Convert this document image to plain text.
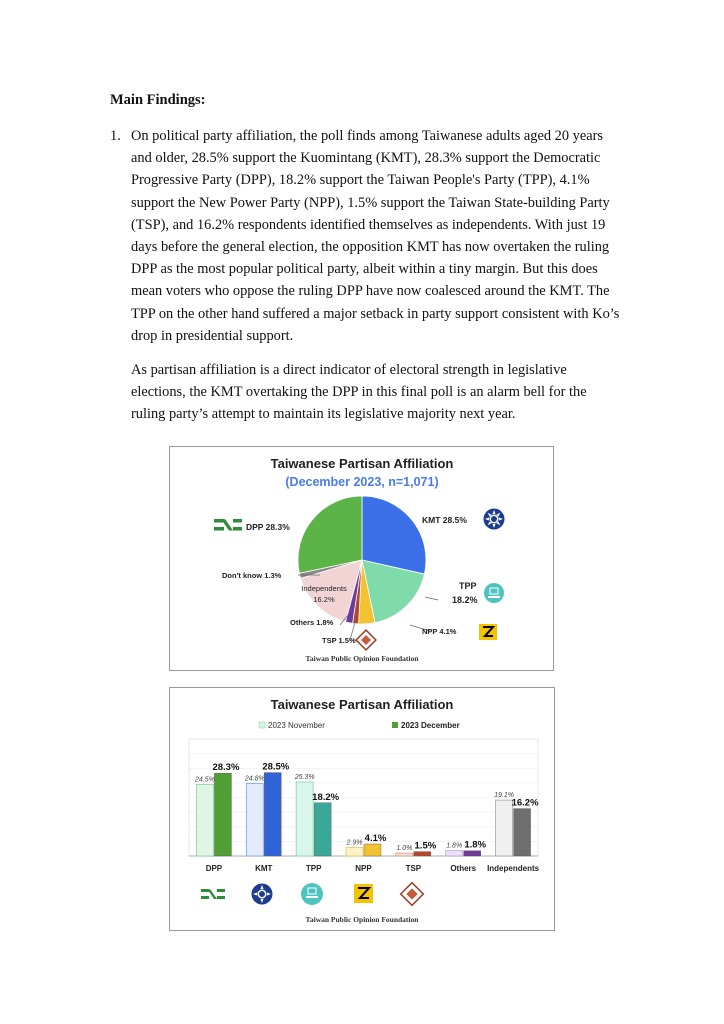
Main Findings:
1. On political party affiliation, the poll finds among Taiwanese adults aged 20 years and older, 28.5% support the Kuomintang (KMT), 28.3% support the Democratic Progressive Party (DPP), 18.2% support the Taiwan People's Party (TPP), 4.1% support the New Power Party (NPP), 1.5% support the Taiwan State-building Party (TSP), and 16.2% respondents identified themselves as independents. With just 19 days before the general election, the opposition KMT has now overtaken the ruling DPP as the most popular political party, albeit within a tiny margin. But this does mean voters who oppose the ruling DPP have now coalesced around the KMT. The TPP on the other hand suffered a major setback in party support consistent with Ko’s drop in presidential support.

As partisan affiliation is a direct indicator of electoral strength in legislative elections, the KMT overtaking the DPP in this final poll is an alarm bell for the ruling party’s attempt to maintain its legislative majority next year.

Taiwanese Partisan Affiliation
(December 2023, n=1,071)
DPP 28.3%
KMT 28.5%
Don't know 1.3%
Independents 16.2%
Others 1.8%
TSP 1.5%
NPP 4.1%
TPP 18.2%
Taiwan Public Opinion Foundation
Taiwanese Partisan Affiliation
2023 November	2023 December
24.5%
28.3%
24.8%
28.5%
25.3%
18.2%
2.9% 4.1%
1.0% 1.5% 1.8% 1.8%
19.1%
16.2%
DPP	KMT	TPP	NPP	TSP	Others Independents
Taiwan Public Opinion Foundation
